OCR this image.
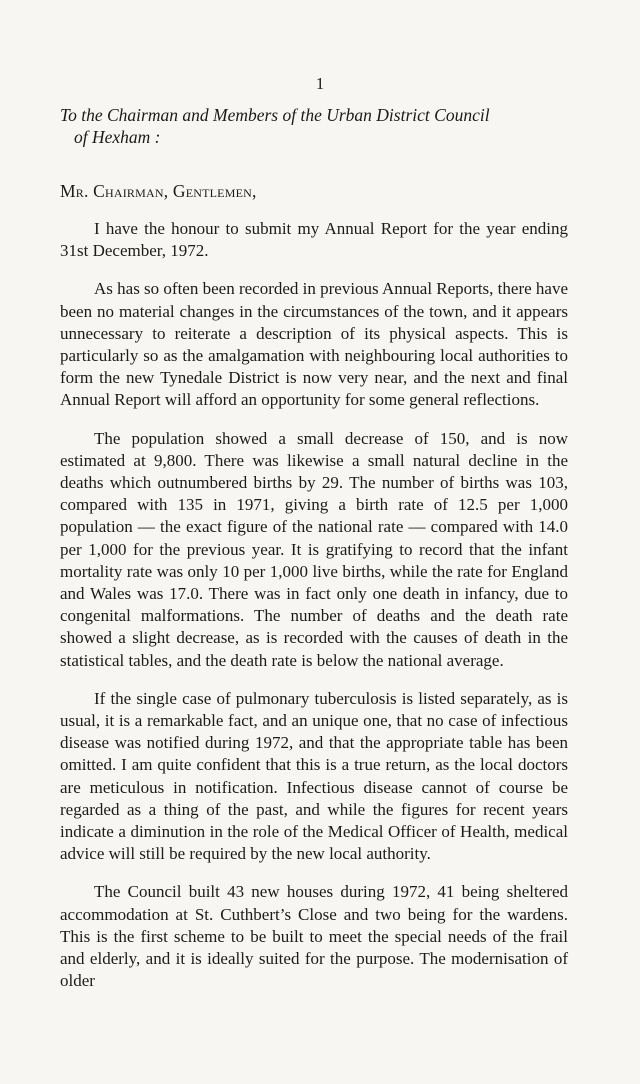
1
To the Chairman and Members of the Urban District Council
of Hexham :
Mr. Chairman, Gentlemen,

I have the honour to submit my Annual Report for the year ending 31st December, 1972.

As has so often been recorded in previous Annual Reports, there have been no material changes in the circumstances of the town, and it appears unnecessary to reiterate a description of its physical aspects. This is particularly so as the amalgamation with neighbouring local authorities to form the new Tynedale District is now very near, and the next and final Annual Report will afford an opportunity for some general reflections.

The population showed a small decrease of 150, and is now estimated at 9,800. There was likewise a small natural decline in the deaths which outnumbered births by 29. The number of births was 103, compared with 135 in 1971, giving a birth rate of 12.5 per 1,000 population — the exact figure of the national rate — compared with 14.0 per 1,000 for the previous year. It is gratifying to record that the infant mortality rate was only 10 per 1,000 live births, while the rate for England and Wales was 17.0. There was in fact only one death in infancy, due to congenital malformations. The number of deaths and the death rate showed a slight decrease, as is recorded with the causes of death in the statistical tables, and the death rate is below the national average.

If the single case of pulmonary tuberculosis is listed separately, as is usual, it is a remarkable fact, and an unique one, that no case of infectious disease was notified during 1972, and that the appropriate table has been omitted. I am quite confident that this is a true return, as the local doctors are meticulous in notification. Infectious disease cannot of course be regarded as a thing of the past, and while the figures for recent years indicate a diminution in the role of the Medical Officer of Health, medical advice will still be required by the new local authority.

The Council built 43 new houses during 1972, 41 being sheltered accommodation at St. Cuthbert’s Close and two being for the wardens. This is the first scheme to be built to meet the special needs of the frail and elderly, and it is ideally suited for the purpose. The modernisation of older
